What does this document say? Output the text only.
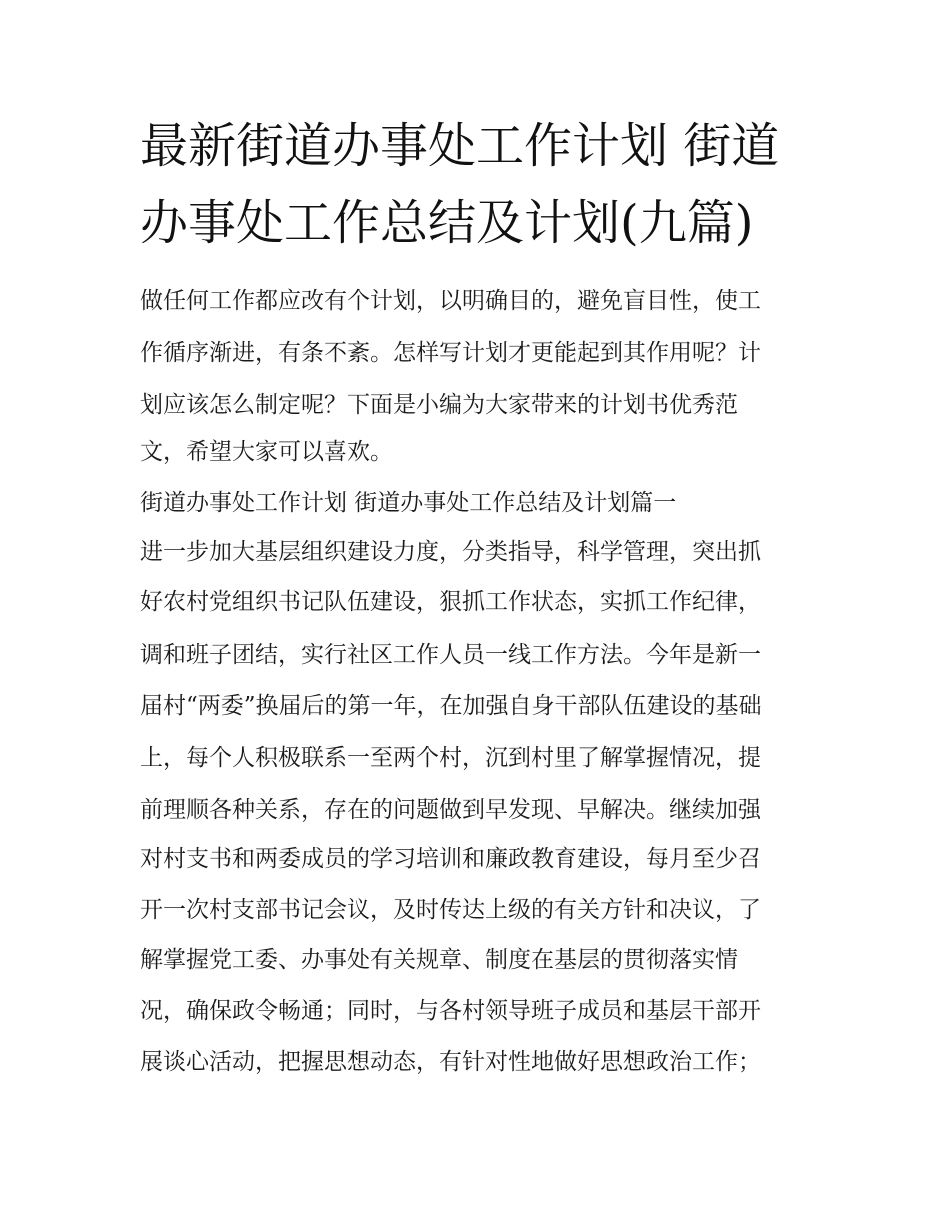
最新街道办事处工作计划 街道
办事处工作总结及计划(九篇)
做任何工作都应改有个计划，以明确目的，避免盲目性，使工
作循序渐进，有条不紊。怎样写计划才更能起到其作用呢？计
划应该怎么制定呢？下面是小编为大家带来的计划书优秀范
文，希望大家可以喜欢。
街道办事处工作计划 街道办事处工作总结及计划篇一
进一步加大基层组织建设力度，分类指导，科学管理，突出抓
好农村党组织书记队伍建设，狠抓工作状态，实抓工作纪律，
调和班子团结，实行社区工作人员一线工作方法。今年是新一
届村“两委”换届后的第一年，在加强自身干部队伍建设的基础
上，每个人积极联系一至两个村，沉到村里了解掌握情况，提
前理顺各种关系，存在的问题做到早发现、早解决。继续加强
对村支书和两委成员的学习培训和廉政教育建设，每月至少召
开一次村支部书记会议，及时传达上级的有关方针和决议，了
解掌握党工委、办事处有关规章、制度在基层的贯彻落实情
况，确保政令畅通；同时，与各村领导班子成员和基层干部开
展谈心活动，把握思想动态，有针对性地做好思想政治工作；
